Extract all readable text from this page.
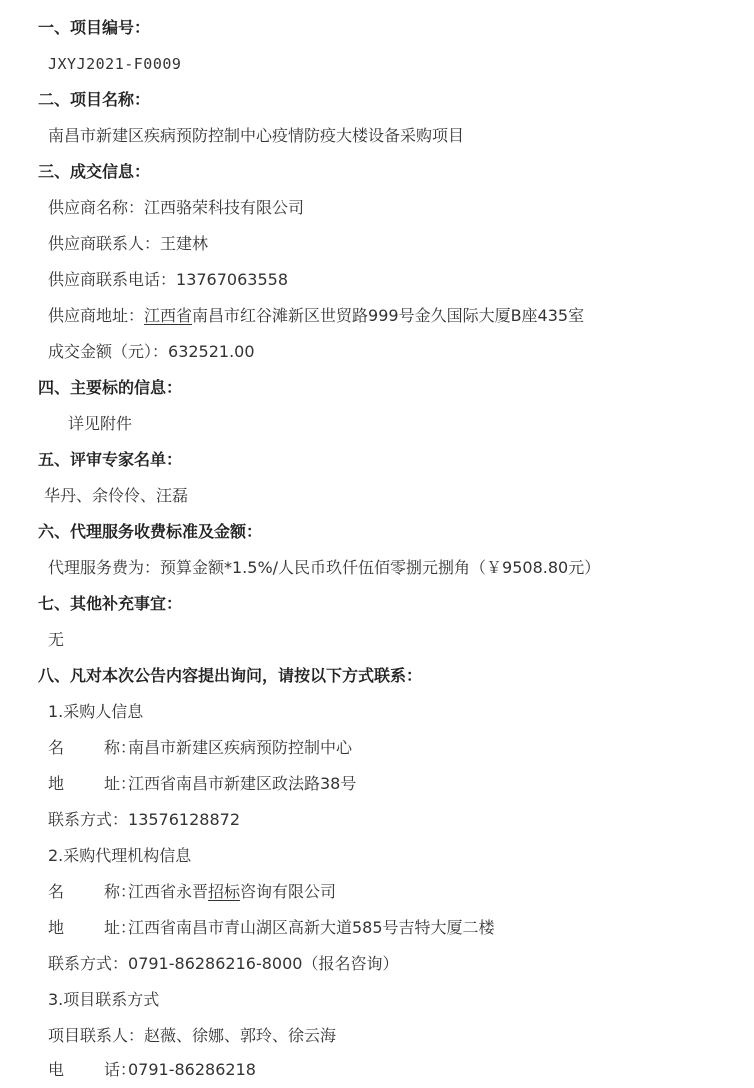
一、项目编号：
JXYJ2021-F0009
二、项目名称：
南昌市新建区疾病预防控制中心疫情防疫大楼设备采购项目
三、成交信息：
供应商名称：江西骆荣科技有限公司
供应商联系人：王建林
供应商联系电话：13767063558
供应商地址：江西省南昌市红谷滩新区世贸路999号金久国际大厦B座435室
成交金额（元）：632521.00
四、主要标的信息：
详见附件
五、评审专家名单：
华丹、余伶伶、汪磊
六、代理服务收费标准及金额：
代理服务费为：预算金额*1.5%/人民币玖仟伍佰零捌元捌角（￥9508.80元）
七、其他补充事宜：
无
八、凡对本次公告内容提出询问，请按以下方式联系：
1.采购人信息
名	称：南昌市新建区疾病预防控制中心
地	址：江西省南昌市新建区政法路38号
联系方式：13576128872
2.采购代理机构信息
名	称：江西省永晋招标咨询有限公司
地	址：江西省南昌市青山湖区高新大道585号吉特大厦二楼
联系方式：0791-86286216-8000（报名咨询）
3.项目联系方式
项目联系人：赵薇、徐娜、郭玲、徐云海
电	话：0791-86286218
